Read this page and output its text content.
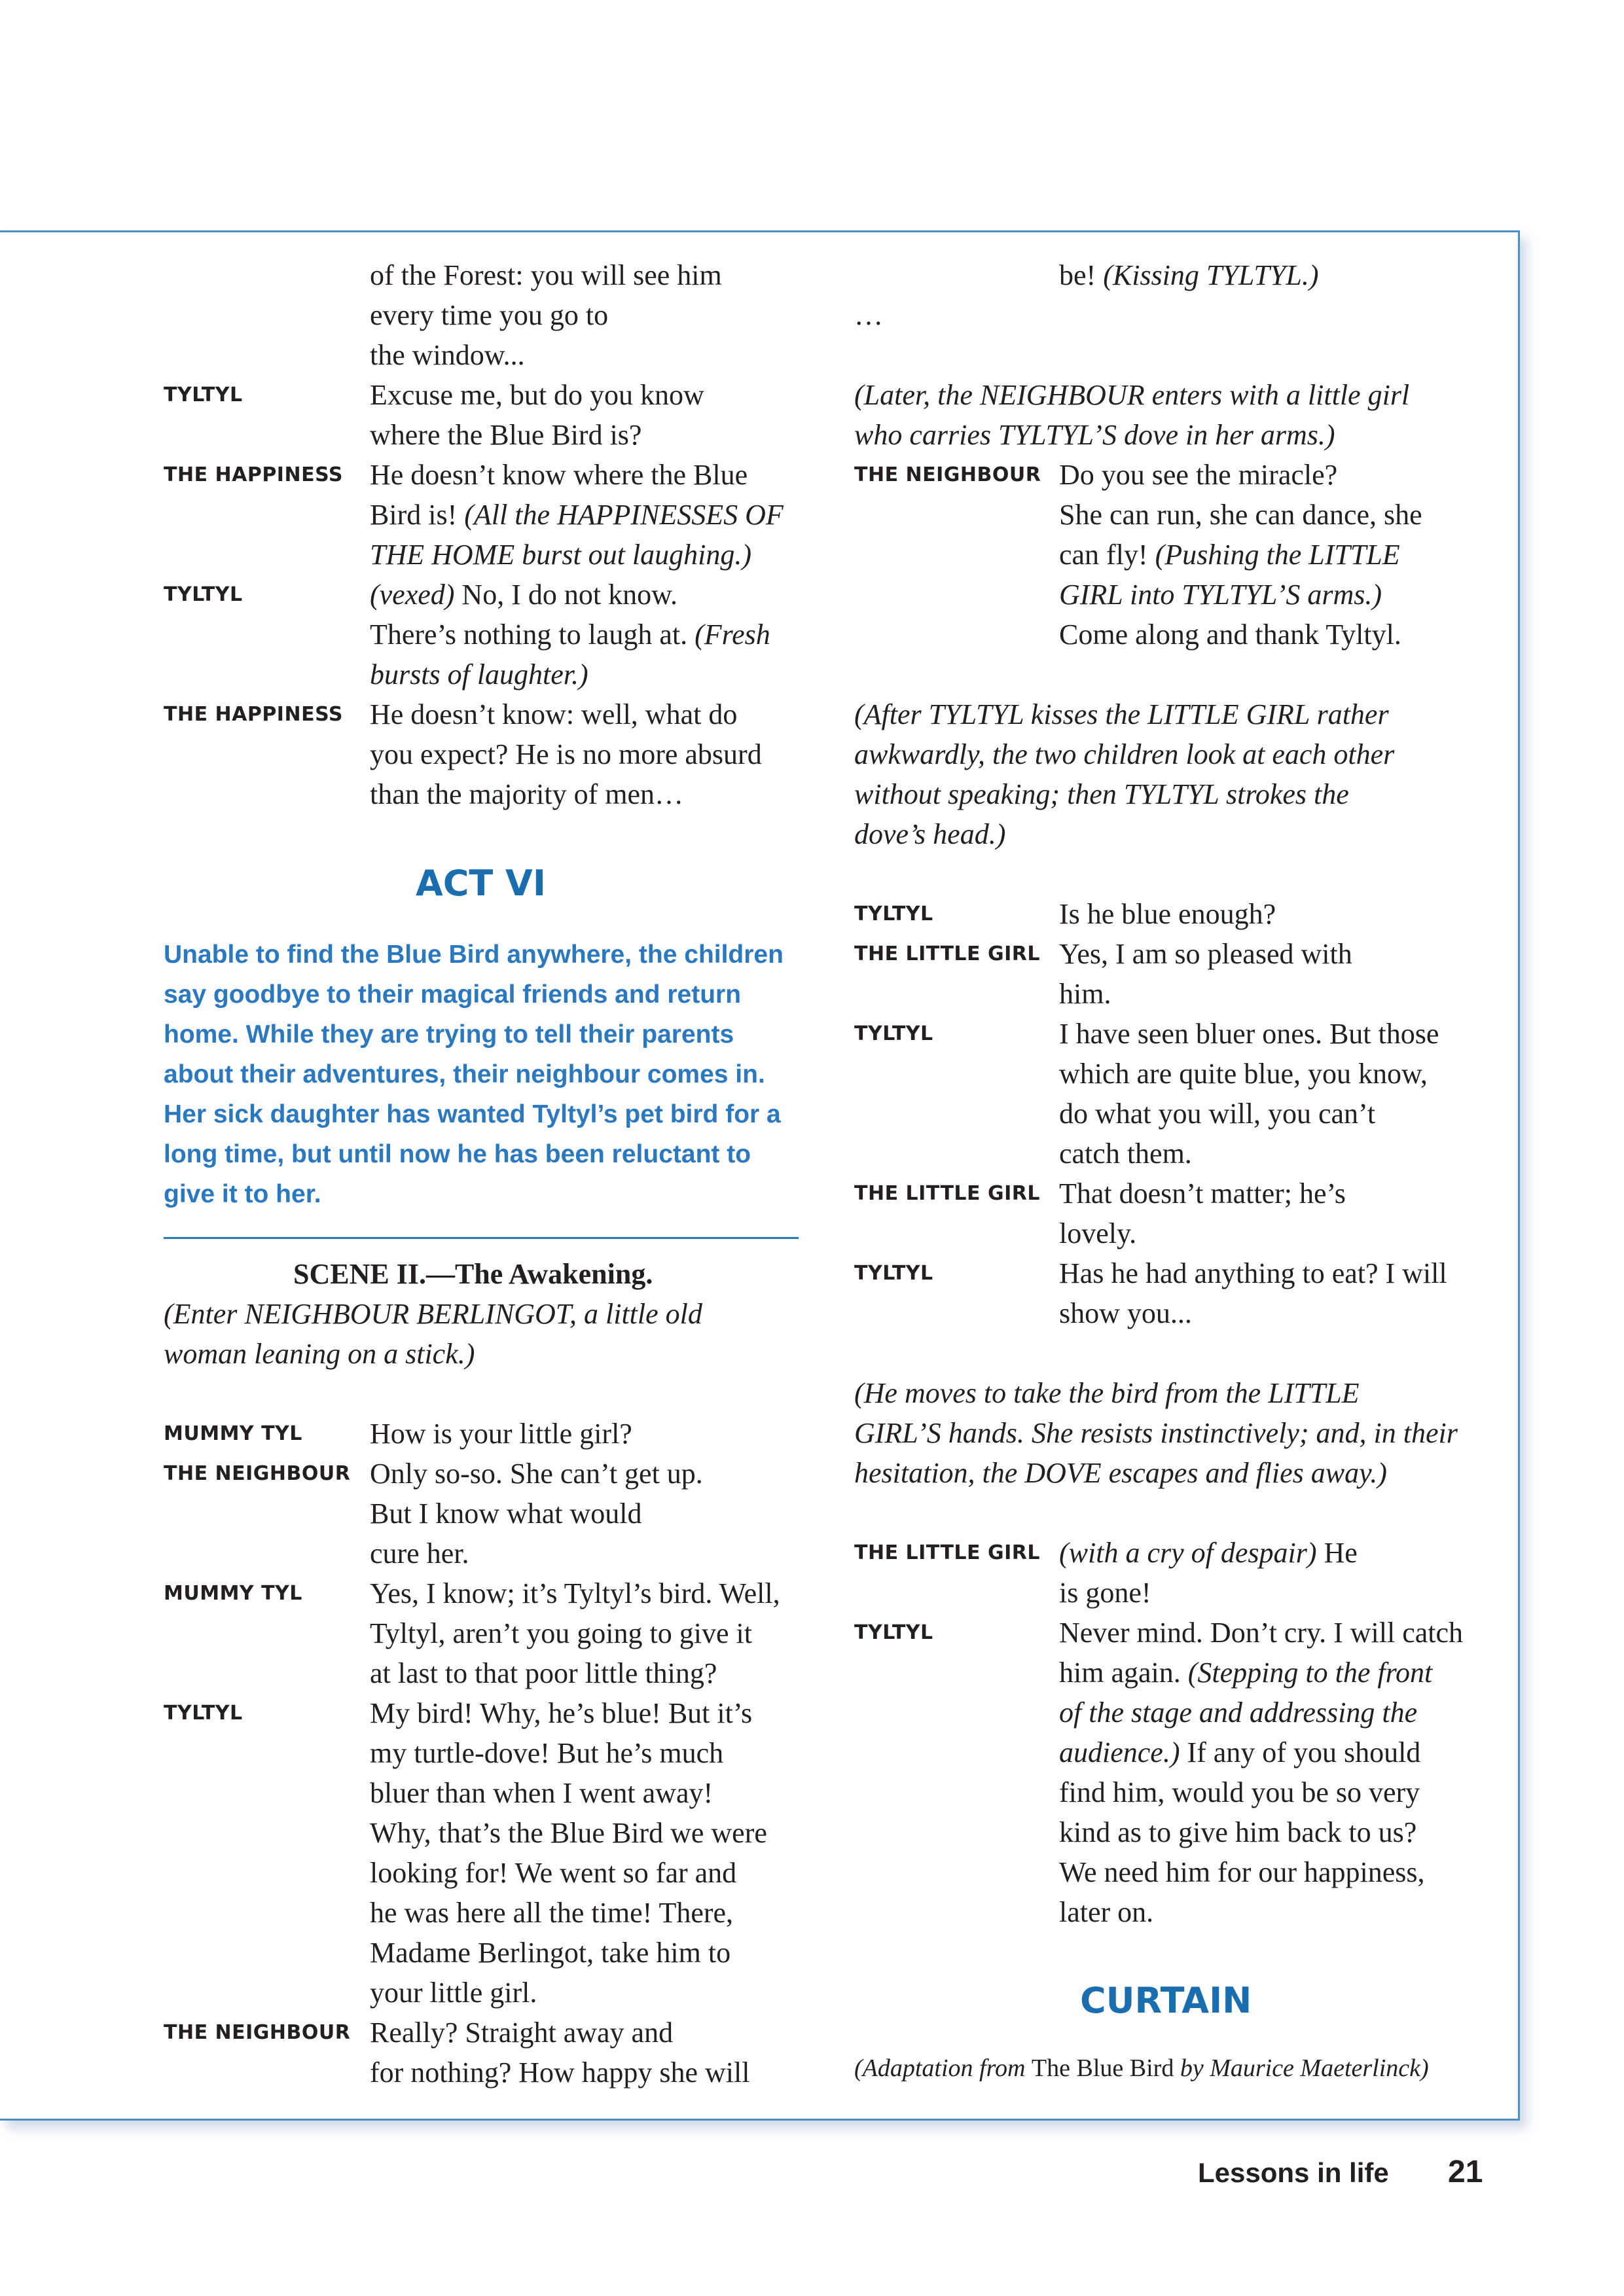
of the Forest: you will see him
every time you go to
the window...
TYLTYL	Excuse me, but do you know
where the Blue Bird is?
THE HAPPINESS He doesn’t know where the Blue
Bird is! (All the HAPPINESSES OF
THE HOME burst out laughing.)
TYLTYL	(vexed) No, I do not know.
There’s nothing to laugh at. (Fresh
bursts of laughter.)
THE HAPPINESS He doesn’t know: well, what do
you expect? He is no more absurd
than the majority of men…
ACT VI
Unable to find the Blue Bird anywhere, the children say goodbye to their magical friends and return home. While they are trying to tell their parents about their adventures, their neighbour comes in. Her sick daughter has wanted Tyltyl’s pet bird for a long time, but until now he has been reluctant to give it to her.
SCENE II.—The Awakening.
(Enter NEIGHBOUR BERLINGOT, a little old
woman leaning on a stick.)
MUMMY TYL How is your little girl?
THE NEIGHBOUR Only so-so. She can’t get up.
But I know what would
cure her.
MUMMY TYL Yes, I know; it’s Tyltyl’s bird. Well,
Tyltyl, aren’t you going to give it
at last to that poor little thing?
TYLTYL	My bird! Why, he’s blue! But it’s
my turtle-dove! But he’s much
bluer than when I went away!
Why, that’s the Blue Bird we were
looking for! We went so far and
he was here all the time! There,
Madame Berlingot, take him to
your little girl.
THE NEIGHBOUR Really? Straight away and
for nothing? How happy she will
be! (Kissing TYLTYL.)
…
(Later, the NEIGHBOUR enters with a little girl
who carries TYLTYL’S dove in her arms.)
THE NEIGHBOUR Do you see the miracle?
She can run, she can dance, she
can fly! (Pushing the LITTLE
GIRL into TYLTYL’S arms.)
Come along and thank Tyltyl.
(After TYLTYL kisses the LITTLE GIRL rather
awkwardly, the two children look at each other
without speaking; then TYLTYL strokes the
dove’s head.)
TYLTYL	Is he blue enough?
THE LITTLE GIRL Yes, I am so pleased with
him.
TYLTYL	I have seen bluer ones. But those
which are quite blue, you know,
do what you will, you can’t
catch them.
THE LITTLE GIRL That doesn’t matter; he’s
lovely.
TYLTYL	Has he had anything to eat? I will
show you...
(He moves to take the bird from the LITTLE
GIRL’S hands. She resists instinctively; and, in their
hesitation, the DOVE escapes and flies away.)
THE LITTLE GIRL (with a cry of despair) He
is gone!
TYLTYL	Never mind. Don’t cry. I will catch
him again. (Stepping to the front
of the stage and addressing the
audience.) If any of you should
find him, would you be so very
kind as to give him back to us?
We need him for our happiness,
later on.
CURTAIN
(Adaptation from The Blue Bird by Maurice Maeterlinck)
Lessons in life 21
